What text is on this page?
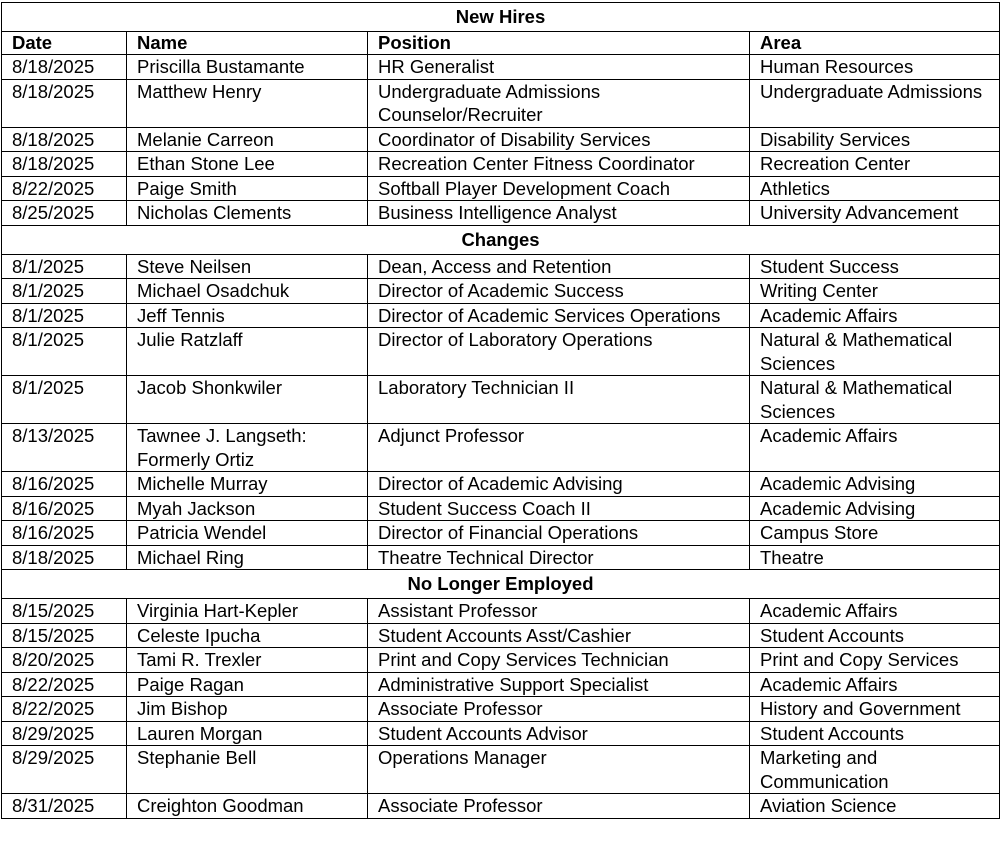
New Hires			
Date	Name	Position	Area
8/18/2025	Priscilla Bustamante	HR Generalist	Human Resources
8/18/2025	Matthew Henry	Undergraduate Admissions Counselor/Recruiter	Undergraduate Admissions
8/18/2025	Melanie Carreon	Coordinator of Disability Services	Disability Services
8/18/2025	Ethan Stone Lee	Recreation Center Fitness Coordinator	Recreation Center
8/22/2025	Paige Smith	Softball Player Development Coach	Athletics
8/25/2025	Nicholas Clements	Business Intelligence Analyst	University Advancement
Changes			
8/1/2025	Steve Neilsen	Dean, Access and Retention	Student Success
8/1/2025	Michael Osadchuk	Director of Academic Success	Writing Center
8/1/2025	Jeff Tennis	Director of Academic Services Operations	Academic Affairs
8/1/2025	Julie Ratzlaff	Director of Laboratory Operations	Natural & Mathematical Sciences
8/1/2025	Jacob Shonkwiler	Laboratory Technician II	Natural & Mathematical Sciences
8/13/2025	Tawnee J. Langseth: Formerly Ortiz	Adjunct Professor	Academic Affairs
8/16/2025	Michelle Murray	Director of Academic Advising	Academic Advising
8/16/2025	Myah Jackson	Student Success Coach II	Academic Advising
8/16/2025	Patricia Wendel	Director of Financial Operations	Campus Store
8/18/2025	Michael Ring	Theatre Technical Director	Theatre
No Longer Employed			
8/15/2025	Virginia Hart-Kepler	Assistant Professor	Academic Affairs
8/15/2025	Celeste Ipucha	Student Accounts Asst/Cashier	Student Accounts
8/20/2025	Tami R. Trexler	Print and Copy Services Technician	Print and Copy Services
8/22/2025	Paige Ragan	Administrative Support Specialist	Academic Affairs
8/22/2025	Jim Bishop	Associate Professor	History and Government
8/29/2025	Lauren Morgan	Student Accounts Advisor	Student Accounts
8/29/2025	Stephanie Bell	Operations Manager	Marketing and Communication
8/31/2025	Creighton Goodman	Associate Professor	Aviation Science
